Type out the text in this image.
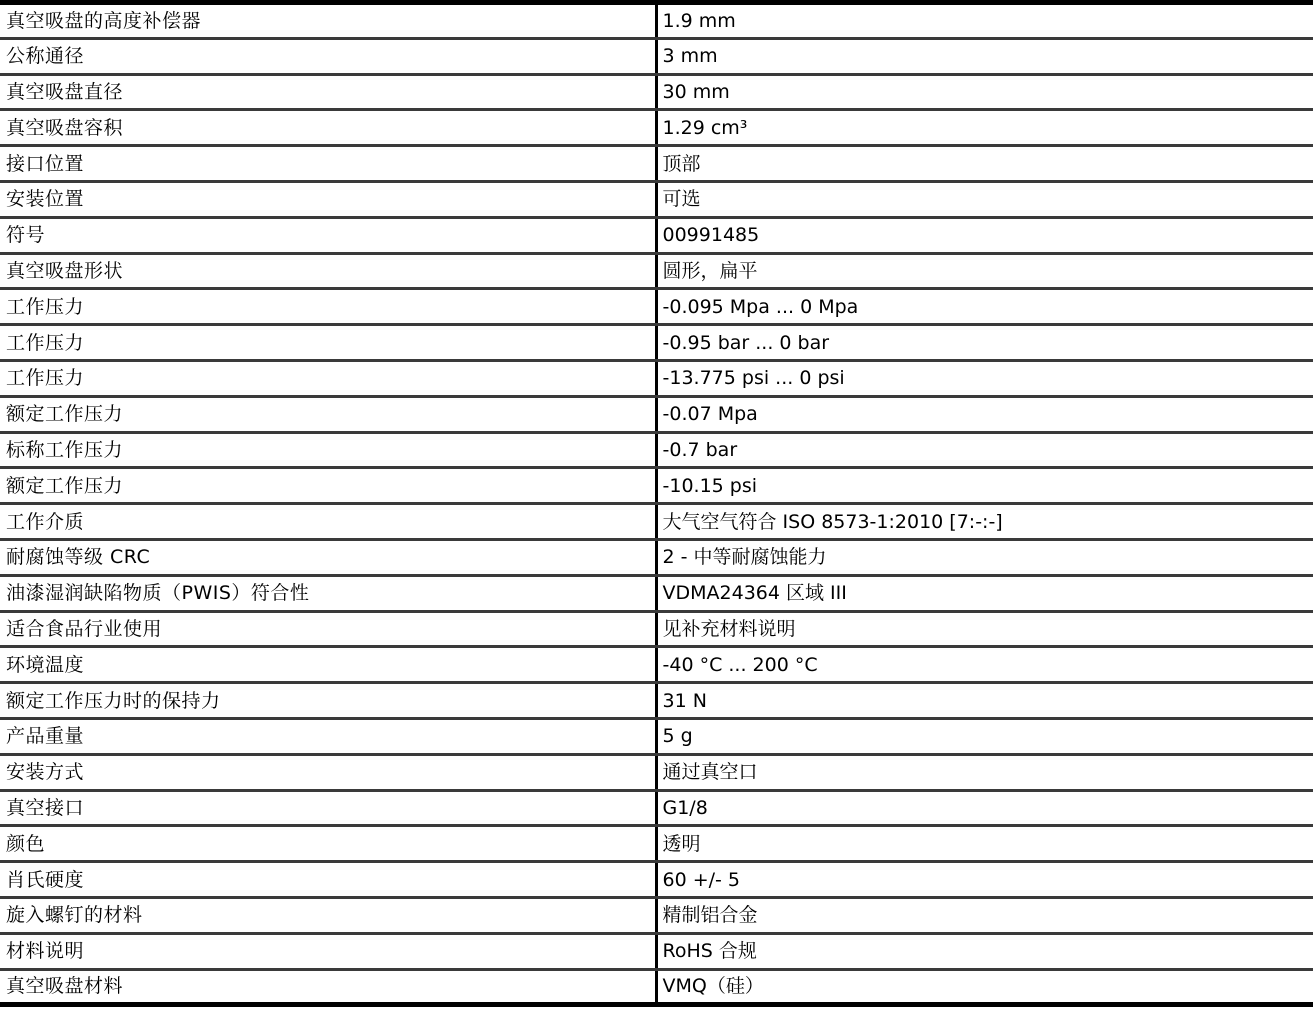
真空吸盘的高度补偿器	1.9 mm
公称通径	3 mm
真空吸盘直径	30 mm
真空吸盘容积	1.29 cm³
接口位置	顶部
安装位置	可选
符号	00991485
真空吸盘形状	圆形，扁平
工作压力	-0.095 Mpa ... 0 Mpa
工作压力	-0.95 bar ... 0 bar
工作压力	-13.775 psi ... 0 psi
额定工作压力	-0.07 Mpa
标称工作压力	-0.7 bar
额定工作压力	-10.15 psi
工作介质	大气空气符合 ISO 8573-1:2010 [7:-:-]
耐腐蚀等级 CRC	2 - 中等耐腐蚀能力
油漆湿润缺陷物质（PWIS）符合性	VDMA24364 区域 III
适合食品行业使用	见补充材料说明
环境温度	-40 °C ... 200 °C
额定工作压力时的保持力	31 N
产品重量	5 g
安装方式	通过真空口
真空接口	G1/8
颜色	透明
肖氏硬度	60 +/- 5
旋入螺钉的材料	精制铝合金
材料说明	RoHS 合规
真空吸盘材料	VMQ（硅）
